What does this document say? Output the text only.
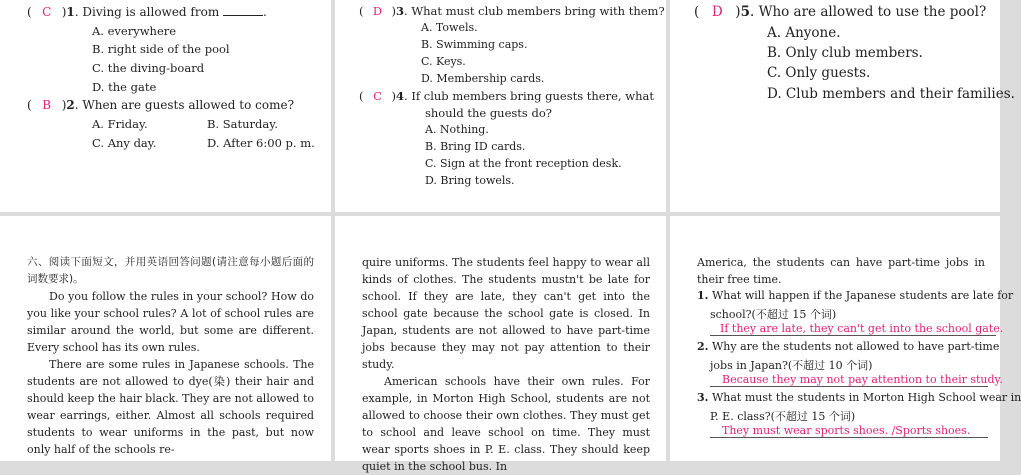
( C )1. Diving is allowed from	.
A. everywhere
B. right side of the pool
C. the diving-board
D. the gate
( B )2. When are guests allowed to come?
A. Friday.	B. Saturday.
C. Any day.	D. After 6:00 p. m.
( D )3. What must club members bring with them?
A. Towels.
B. Swimming caps.
C. Keys.
D. Membership cards.
( C )4. If club members bring guests there, what
should the guests do?
A. Nothing.
B. Bring ID cards.
C. Sign at the front reception desk.
D. Bring towels.
( D )5. Who are allowed to use the pool?
A. Anyone.
B. Only club members.
C. Only guests.
D. Club members and their families.
六、阅读下面短文，并用英语回答问题(请注意每小题后面的词数要求)。

Do you follow the rules in your school? How do you like your school rules? A lot of school rules are similar around the world, but some are different. Every school has its own rules.

There are some rules in Japanese schools. The students are not allowed to dye(染) their hair and should keep the hair black. They are not allowed to wear earrings, either. Almost all schools required students to wear uniforms in the past, but now only half of the schools re-

quire uniforms. The students feel happy to wear all kinds of clothes. The students mustn't be late for school. If they are late, they can't get into the school gate because the school gate is closed. In Japan, students are not allowed to have part-time jobs because they may not pay attention to their study.

American schools have their own rules. For example, in Morton High School, students are not allowed to choose their own clothes. They must get to school and leave school on time. They must wear sports shoes in P. E. class. They should keep quiet in the school bus. In

America, the students can have part-time jobs in their free time.

1. What will happen if the Japanese students are late for
school?(不超过 15 个词)
If they are late, they can't get into the school gate.
2. Why are the students not allowed to have part-time
jobs in Japan?(不超过 10 个词)
Because they may not pay attention to their study.
3. What must the students in Morton High School wear in
P. E. class?(不超过 15 个词)
They must wear sports shoes. /Sports shoes.
